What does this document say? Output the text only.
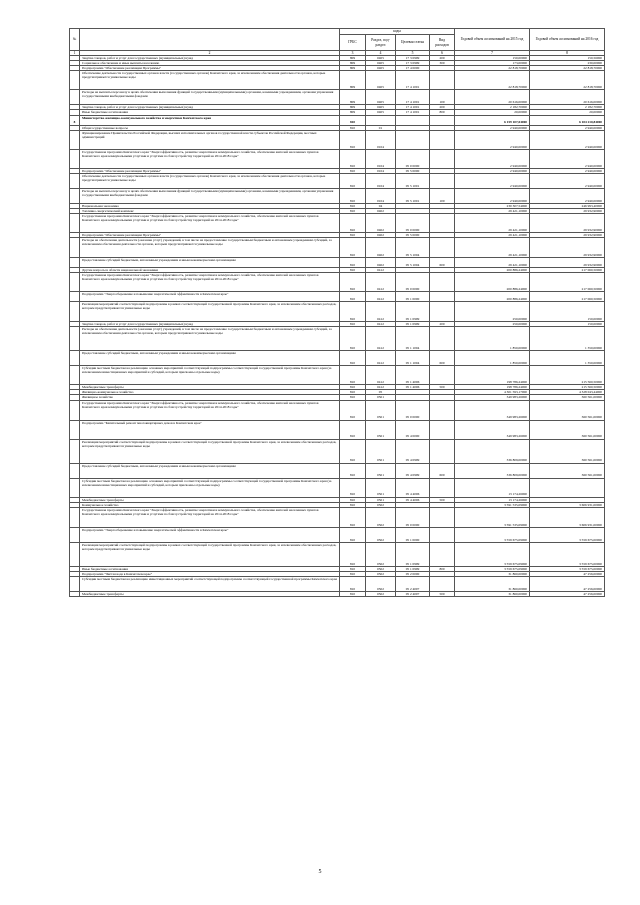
№		коды				Годовой объем ассигнований на 2015 год	Годовой объем ассигнований на 2016 год
		ГРБС	Раздел, под-раздел	Целевая статья	Вид расходов		
1	2	3	4	5	6	7	8
	Закупка товаров, работ и услуг для государственных (муниципальных) нужд	809	0405	17 3 0999	200	150,00000	150,56000
	Социальное обеспечение и иные выплаты населению	809	0405	17 3 0999	300	173,00000	230,00000
	Подпрограмма "Обеспечение реализации Программы"	809	0405	17 4 0000		22 818,70000	22 818,70000
	Обеспечение деятельности государственных органов власти (государственных органов) Камчатского края, за исключением обеспечения деятельности органов, которые предусматривается уникальные коды	809	0405	17 4 1001		22 818,70000	22 818,70000
	Расходы на выплаты персоналу в целях обеспечения выполнения функций государственными (муниципальными) органами, казенными учреждениями, органами управления государственными внебюджетными фондами	809	0405	17 4 1001	100	20 616,00000	20 616,00000
	Закупка товаров, работ и услуг для государственных (муниципальных) нужд	809	0405	17 4 1001	200	2 182,70000	2 182,70000
	Иные бюджетные ассигнования	809	0405	17 4 1001	800	20,00000	20,00000
8	Министерство жилищно-коммунального хозяйства и энергетики Камчатского края	810				6 159 107,04000	6 104 210,84000
	Общегосударственные вопросы	810	01			2 940,00000	2 940,00000
	Функционирование Правительства Российской Федерации, высших исполнительных органов государственной власти субъектов Российской Федерации, местных администраций	810	0104			2 940,00000	2 940,00000
	Государственная программа Камчатского края "Энергоэффективность, развитие энергетики и коммунального хозяйства, обеспечение жителей населенных пунктов Камчатского края коммунальными услугами и услугами по благоустройству территорий на 2014-2018 годы"	810	0104	05 0 0000		2 940,00000	2 940,00000
	Подпрограмма "Обеспечение реализации Программы"	810	0104	05 5 0000		2 940,00000	2 940,00000
	Обеспечение деятельности государственных органов власти (государственных органов) Камчатского края, за исключением обеспечения деятельности органов, которые предусматривается уникальные коды	810	0104	05 5 1001		2 940,00000	2 940,00000
	Расходы на выплаты персоналу в целях обеспечения выполнения функций государственными (муниципальными) органами, казенными учреждениями, органами управления государственными внебюджетными фондами	810	0104	05 5 1001	100	2 940,00000	2 940,00000
	Национальная экономика	810	04			230 307,54000	246 993,40000
	Топливно-энергетический комплекс	810	0402			29 421,10000	29 932,90000
	Государственная программа Камчатского края "Энергоэффективность, развитие энергетики и коммунального хозяйства, обеспечение жителей населенных пунктов Камчатского края коммунальными услугами и услугами по благоустройству территорий на 2014-2018 годы"	810	0402	05 0 0000		29 421,10000	29 932,90000
	Подпрограмма "Обеспечение реализации Программы"	810	0402	05 5 0000		29 421,10000	29 932,90000
	Расходы на обеспечение деятельности (оказание услуг) учреждений, в том числе на предоставление государственным бюджетным и автономным учреждениям субсидий, за исключением обеспечения деятельности органов, которым предусматриваются уникальные коды	810	0402	05 5 1004		29 421,10000	29 932,90000
	Предоставление субсидий бюджетным, автономным учреждениям и иным некоммерческим организациям	810	0402	05 5 1004	600	29 421,10000	29 932,90000
	Другие вопросы в области национальной экономики	810	0412			200 886,24000	217 060,50000
	Государственная программа Камчатского края "Энергоэффективность, развитие энергетики и коммунального хозяйства, обеспечение жителей населенных пунктов Камчатского края коммунальными услугами и услугами по благоустройству территорий на 2014-2018 годы"	810	0412	05 0 0000		200 886,24000	217 060,50000
	Подпрограмма "Энергосбережение и повышение энергетической эффективности в Камчатском крае"	810	0412	05 1 0000		200 886,24000	217 060,50000
	Реализация мероприятий соответствующей подпрограммы в рамках соответствующей государственной программы Камчатского края, за исключением обеспеченных расходов, которым предусматриваются уникальные коды	810	0412	05 1 0999		250,00000	150,00000
	Закупка товаров, работ и услуг для государственных (муниципальных) нужд	810	0412	05 1 0999	200	250,00000	150,00000
	Расходы на обеспечение деятельности (оказание услуг) учреждений, в том числе на предоставление государственным бюджетным и автономным учреждениям субсидий, за исключением обеспечения деятельности органов, которым предусматриваются уникальные коды	810	0412	05 1 1004		1 850,00000	1 350,00000
	Предоставление субсидий бюджетным, автономным учреждениям и иным некоммерческим организациям	810	0412	05 1 1004	600	1 850,00000	1 350,00000
	Субсидии местным бюджетам на реализацию основных мероприятий соответствующей подпрограммы соответствующей государственной программы Камчатского края (за исключением инвестиционных мероприятий и субсидий, которым присвоены отдельные коды)	810	0412	05 1 4006		198 786,24000	215 560,50000
	Межбюджетные трансферты	810	0412	05 1 4006	500	198 786,24000	215 560,50000
	Жилищно-коммунальное хозяйство	810	05			4 301 593,17000	4 328 043,44000
	Жилищное хозяйство	810	0501			349 983,26000	360 561,00000
	Государственная программа Камчатского края "Энергоэффективность, развитие энергетики и коммунального хозяйства, обеспечение жителей населенных пунктов Камчатского края коммунальными услугами и услугами по благоустройству территорий на 2014-2018 годы"	810	0501	05 0 0000		349 983,26000	360 561,00000
	Подпрограмма "Капитальный ремонт многоквартирных домов в Камчатском крае"	810	0501	05 4 0000		349 983,26000	360 561,00000
	Реализация мероприятий соответствующей подпрограммы в рамках соответствующей государственной программы Камчатского края, за исключением обеспеченных расходов, которым предусматриваются уникальные коды	810	0501	05 4 0999		336 809,00000	360 561,00000
	Предоставление субсидий бюджетным, автономным учреждениям и иным некоммерческим организациям	810	0501	05 4 0999	600	336 809,00000	360 561,00000
	Субсидии местным бюджетам на реализацию основных мероприятий соответствующей подпрограммы соответствующей государственной программы Камчатского края (за исключением инвестиционных мероприятий и субсидий, которым присвоены отдельные коды)	810	0501	05 4 4006		13 174,26000	
	Межбюджетные трансферты	810	0501	05 4 4006	500	13 174,26000	
	Коммунальное хозяйство	810	0502			3 591 535,09000	3 606 931,00000
	Государственная программа Камчатского края "Энергоэффективность, развитие энергетики и коммунального хозяйства, обеспечение жителей населенных пунктов Камчатского края коммунальными услугами и услугами по благоустройству территорий на 2014-2018 годы"	810	0502	05 0 0000		3 591 535,09000	3 606 931,00000
	Подпрограмма "Энергосбережение и повышение энергетической эффективности в Камчатском крае"	810	0502	05 1 0000		3 559 675,09000	3 559 675,00000
	Реализация мероприятий соответствующей подпрограммы в рамках соответствующей государственной программы Камчатского края, за исключением обеспеченных расходов, которым предусматриваются уникальные коды	810	0502	05 1 0999		3 559 675,09000	3 559 675,00000
	Иные бюджетные ассигнования	810	0502	05 1 0999	800	3 559 675,09000	3 559 675,00000
	Подпрограмма "Чистая вода в Камчатском крае"	810	0502	05 2 0000		31 860,00000	47 256,00000
	Субсидии местным бюджетам на реализацию инвестиционных мероприятий соответствующей подпрограммы соответствующей государственной программы Камчатского края	810	0502	05 2 4007		31 860,00000	47 256,00000
	Межбюджетные трансферты	810	0502	05 2 4007	500	31 860,00000	47 256,00000
5
